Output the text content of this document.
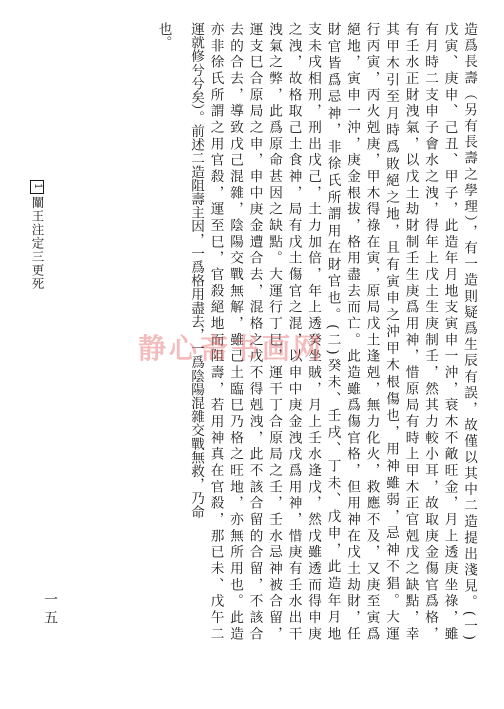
造爲長壽（另有長壽之學理），有一造則疑爲生辰有誤，故僅以其中二造提出淺見。(一)

戊寅、庚申、己丑、甲子，此造年月地支寅申一沖，衰木不敵旺金，月上透庚坐祿，雖

有月時二支申子會水之洩，得年上戊土生庚制壬，然其力較小耳，故取庚金傷官爲格，

有壬水正財洩氣，以戊土劫財制壬生庚爲用神，惜原局有時上甲木正官剋戊之缺點，幸

其甲木引至月時爲敗絕之地，且有寅申之沖甲木根傷也，用神雖弱，忌神不猖。大運

行丙寅，丙火剋庚，甲木得祿在寅，原局戊土逢剋，無力化火，救應不及，又庚至寅爲

絕地，寅申一沖，庚金根拔，格用盡去而亡。此造雖爲傷官格，但用神在戊土劫財，任

財官皆爲忌神，非徐氏所謂用在財官也。(二)癸未、壬戌、丁未、戊申，此造年月地

支未戌相刑，刑出戊己，土力加倍，年上透癸坐賊，月上壬水逢戊，然戊雖透而得申庚

之洩，故格取己土食神，局有戊土傷官之混，以申中庚金洩戊爲用神，惜庚有壬水出干

洩氣之弊，此爲原命甚因之缺點。大運行丁巳，運干丁合原局之壬，壬水忌神被合留，

運支巳合原局之申，申中庚金遭合去，混格之戊不得剋洩，此不該合留的合留，不該合

去的合去，導致戊己混雜，陰陽交戰無解，雖己土臨巳乃格之旺地，亦無所用也。此造

亦非徐氏所謂之用官殺，運至巳，官殺絕地而阻壽，若用神真在官殺，那已未、戊午二

運就修兮兮矣）。前述二造阻壽主因，一爲格用盡去，一爲陰陽混雜交戰無救，乃命

也。

1闡王注定三更死
一五
静心斋书画网
